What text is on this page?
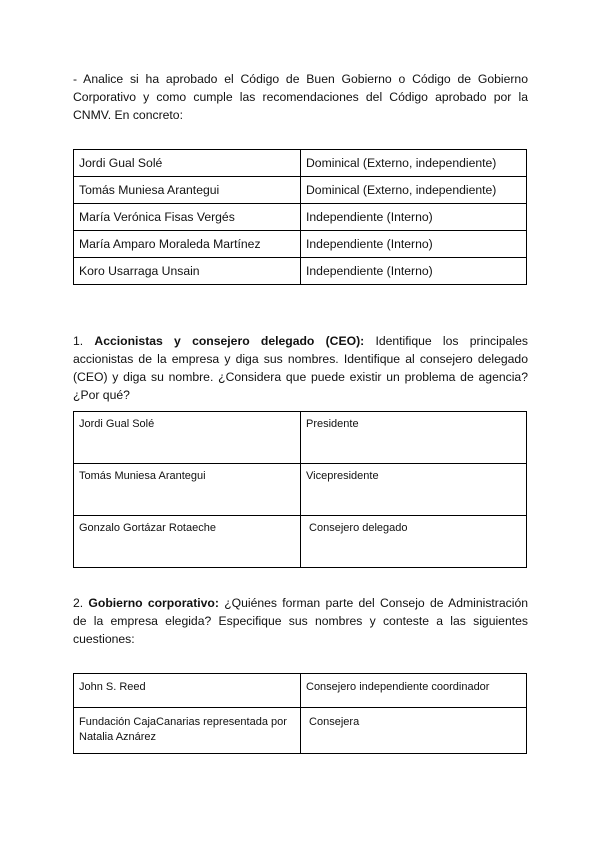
- Analice si ha aprobado el Código de Buen Gobierno o Código de Gobierno Corporativo y como cumple las recomendaciones del Código aprobado por la CNMV. En concreto:

Jordi Gual Solé	Dominical (Externo, independiente)
Tomás Muniesa Arantegui	Dominical (Externo, independiente)
María Verónica Fisas Vergés	Independiente (Interno)
María Amparo Moraleda Martínez	Independiente (Interno)
Koro Usarraga Unsain	Independiente (Interno)

1. Accionistas y consejero delegado (CEO): Identifique los principales accionistas de la empresa y diga sus nombres. Identifique al consejero delegado (CEO) y diga su nombre. ¿Considera que puede existir un problema de agencia? ¿Por qué?

Jordi Gual Solé	Presidente
Tomás Muniesa Arantegui	Vicepresidente
Gonzalo Gortázar Rotaeche	Consejero delegado

2. Gobierno corporativo: ¿Quiénes forman parte del Consejo de Administración de la empresa elegida? Especifique sus nombres y conteste a las siguientes cuestiones:

John S. Reed	Consejero independiente coordinador
Fundación CajaCanarias representada por Natalia Aznárez	Consejera
